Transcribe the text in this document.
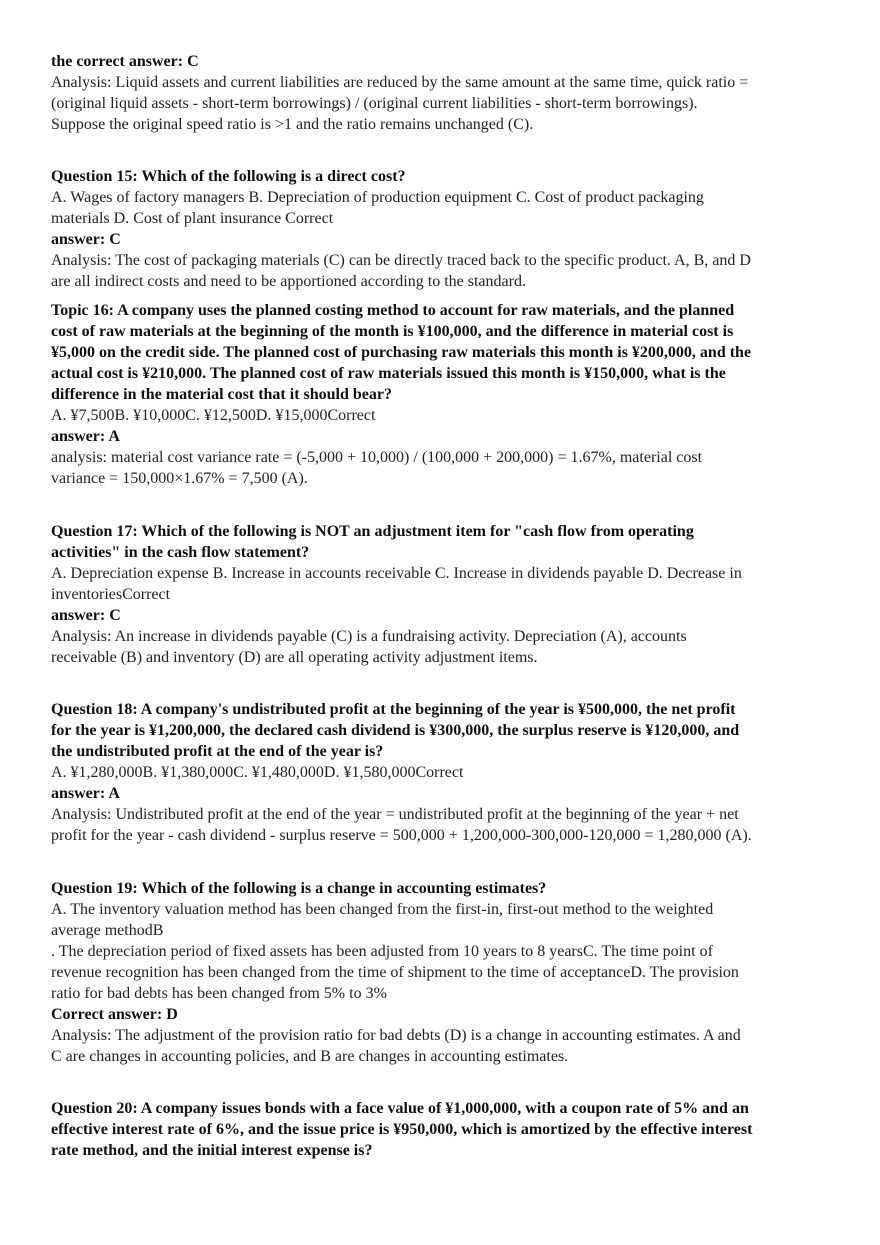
the correct answer: C
Analysis: Liquid assets and current liabilities are reduced by the same amount at the same time, quick ratio =
(original liquid assets - short-term borrowings) / (original current liabilities - short-term borrowings).
Suppose the original speed ratio is >1 and the ratio remains unchanged (C).
Question 15: Which of the following is a direct cost?
A. Wages of factory managers B. Depreciation of production equipment C. Cost of product packaging
materials D. Cost of plant insurance Correct
answer: C
Analysis: The cost of packaging materials (C) can be directly traced back to the specific product. A, B, and D
are all indirect costs and need to be apportioned according to the standard.
Topic 16: A company uses the planned costing method to account for raw materials, and the planned
cost of raw materials at the beginning of the month is ¥100,000, and the difference in material cost is
¥5,000 on the credit side. The planned cost of purchasing raw materials this month is ¥200,000, and the
actual cost is ¥210,000. The planned cost of raw materials issued this month is ¥150,000, what is the
difference in the material cost that it should bear?
A. ¥7,500B. ¥10,000C. ¥12,500D. ¥15,000Correct
answer: A
analysis: material cost variance rate = (-5,000 + 10,000) / (100,000 + 200,000) = 1.67%, material cost
variance = 150,000×1.67% = 7,500 (A).
Question 17: Which of the following is NOT an adjustment item for "cash flow from operating
activities" in the cash flow statement?
A. Depreciation expense B. Increase in accounts receivable C. Increase in dividends payable D. Decrease in
inventoriesCorrect
answer: C
Analysis: An increase in dividends payable (C) is a fundraising activity. Depreciation (A), accounts
receivable (B) and inventory (D) are all operating activity adjustment items.
Question 18: A company's undistributed profit at the beginning of the year is ¥500,000, the net profit
for the year is ¥1,200,000, the declared cash dividend is ¥300,000, the surplus reserve is ¥120,000, and
the undistributed profit at the end of the year is?
A. ¥1,280,000B. ¥1,380,000C. ¥1,480,000D. ¥1,580,000Correct
answer: A
Analysis: Undistributed profit at the end of the year = undistributed profit at the beginning of the year + net
profit for the year - cash dividend - surplus reserve = 500,000 + 1,200,000-300,000-120,000 = 1,280,000 (A).
Question 19: Which of the following is a change in accounting estimates?
A. The inventory valuation method has been changed from the first-in, first-out method to the weighted
average methodB
. The depreciation period of fixed assets has been adjusted from 10 years to 8 yearsC. The time point of
revenue recognition has been changed from the time of shipment to the time of acceptanceD. The provision
ratio for bad debts has been changed from 5% to 3%
Correct answer: D
Analysis: The adjustment of the provision ratio for bad debts (D) is a change in accounting estimates. A and
C are changes in accounting policies, and B are changes in accounting estimates.
Question 20: A company issues bonds with a face value of ¥1,000,000, with a coupon rate of 5% and an
effective interest rate of 6%, and the issue price is ¥950,000, which is amortized by the effective interest
rate method, and the initial interest expense is?
